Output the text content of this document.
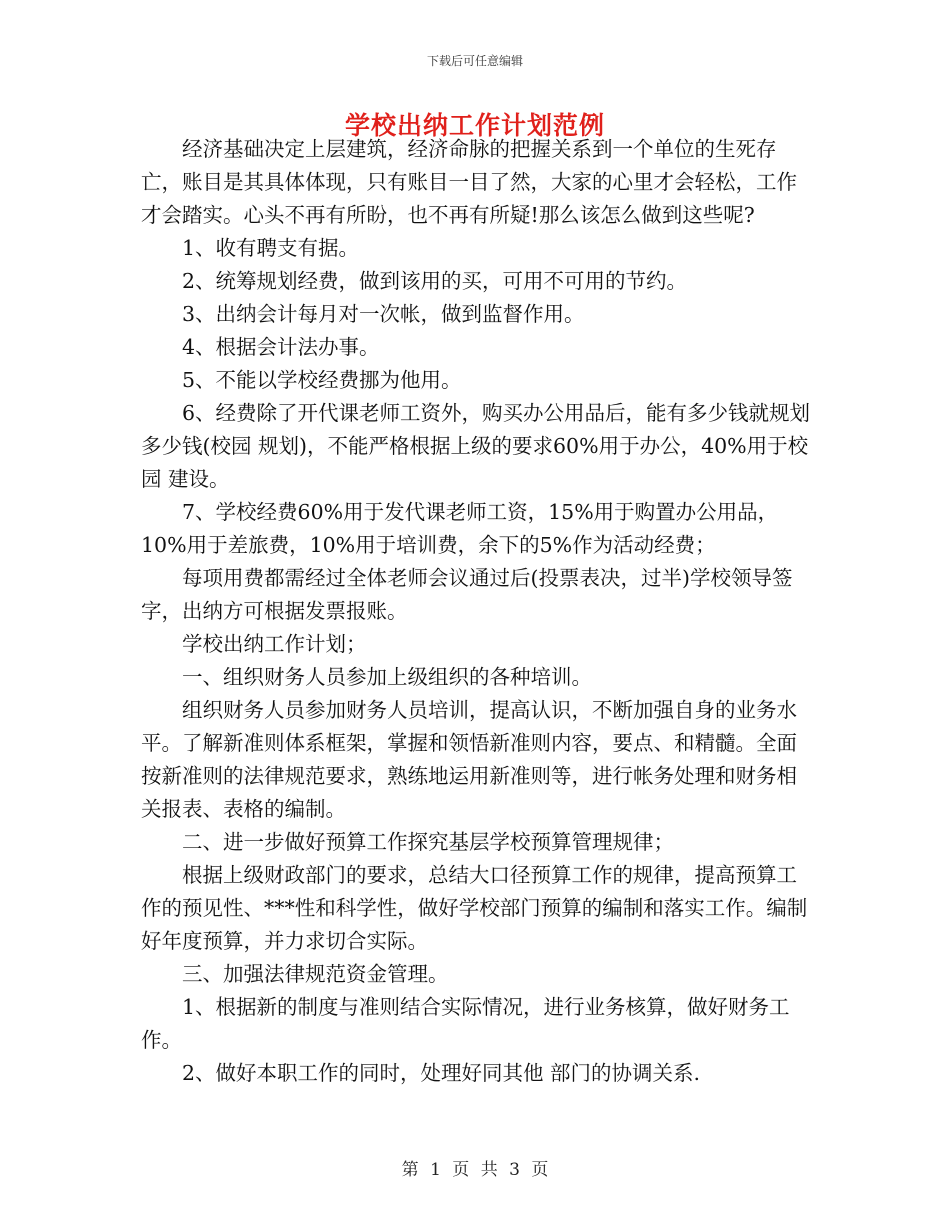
下载后可任意编辑
学校出纳工作计划范例

经济基础决定上层建筑，经济命脉的把握关系到一个单位的生死存亡，账目是其具体体现，只有账目一目了然，大家的心里才会轻松，工作才会踏实。心头不再有所盼，也不再有所疑!那么该怎么做到这些呢?

1、收有聘支有据。

2、统筹规划经费，做到该用的买，可用不可用的节约。

3、出纳会计每月对一次帐，做到监督作用。

4、根据会计法办事。

5、不能以学校经费挪为他用。

6、经费除了开代课老师工资外，购买办公用品后，能有多少钱就规划多少钱(校园 规划)，不能严格根据上级的要求60%用于办公，40%用于校园 建设。

7、学校经费60%用于发代课老师工资，15%用于购置办公用品，10%用于差旅费，10%用于培训费，余下的5%作为活动经费；

每项用费都需经过全体老师会议通过后(投票表决，过半)学校领导签字，出纳方可根据发票报账。

学校出纳工作计划；

一、组织财务人员参加上级组织的各种培训。

组织财务人员参加财务人员培训，提高认识，不断加强自身的业务水平。了解新准则体系框架，掌握和领悟新准则内容，要点、和精髓。全面按新准则的法律规范要求，熟练地运用新准则等，进行帐务处理和财务相关报表、表格的编制。

二、进一步做好预算工作探究基层学校预算管理规律；

根据上级财政部门的要求，总结大口径预算工作的规律，提高预算工作的预见性、***性和科学性，做好学校部门预算的编制和落实工作。编制好年度预算，并力求切合实际。

三、加强法律规范资金管理。

1、根据新的制度与准则结合实际情况，进行业务核算，做好财务工作。

2、做好本职工作的同时，处理好同其他 部门的协调关系.

第 1 页 共 3 页
